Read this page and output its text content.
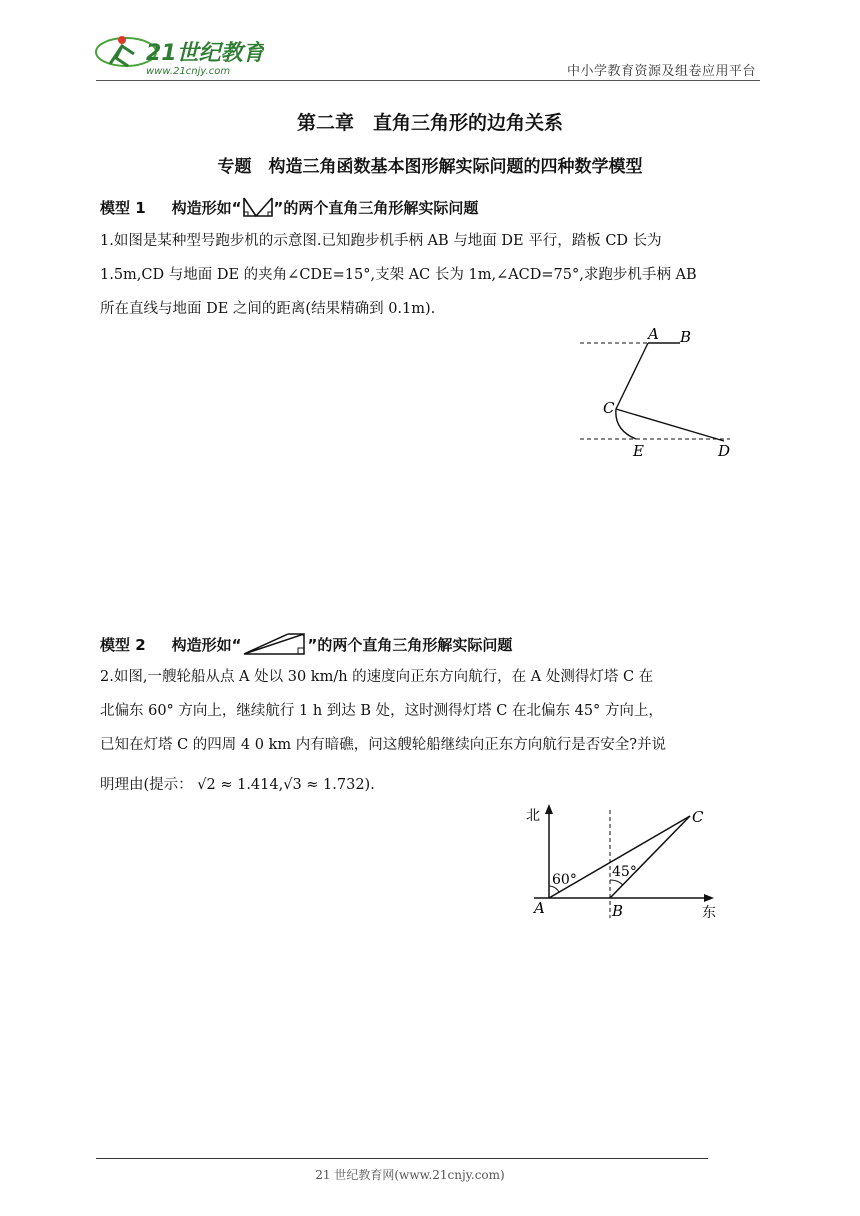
21世纪教育
www.21cnjy.com	中小学教育资源及组卷应用平台
第二章　直角三角形的边角关系
专题　构造三角函数基本图形解实际问题的四种数学模型
模型 1 构造形如“ ”的两个直角三角形解实际问题
1.如图是某种型号跑步机的示意图.已知跑步机手柄 AB 与地面 DE 平行，踏板 CD 长为
1.5m,CD 与地面 DE 的夹角∠CDE=15°,支架 AC 长为 1m,∠ACD=75°,求跑步机手柄 AB
所在直线与地面 DE 之间的距离(结果精确到 0.1m).
A B
C
E	D
模型 2 构造形如“	”的两个直角三角形解实际问题
2.如图,一艘轮船从点 A 处以 30 km/h 的速度向正东方向航行，在 A 处测得灯塔 C 在
北偏东 60° 方向上，继续航行 1 h 到达 B 处，这时测得灯塔 C 在北偏东 45° 方向上，
已知在灯塔 C 的四周 4 0 km 内有暗礁，问这艘轮船继续向正东方向航行是否安全?并说
明理由(提示： √2 ≈ 1.414,√3 ≈ 1.732).
北
东
A	B
C
60°	45°
21 世纪教育网(www.21cnjy.com)
